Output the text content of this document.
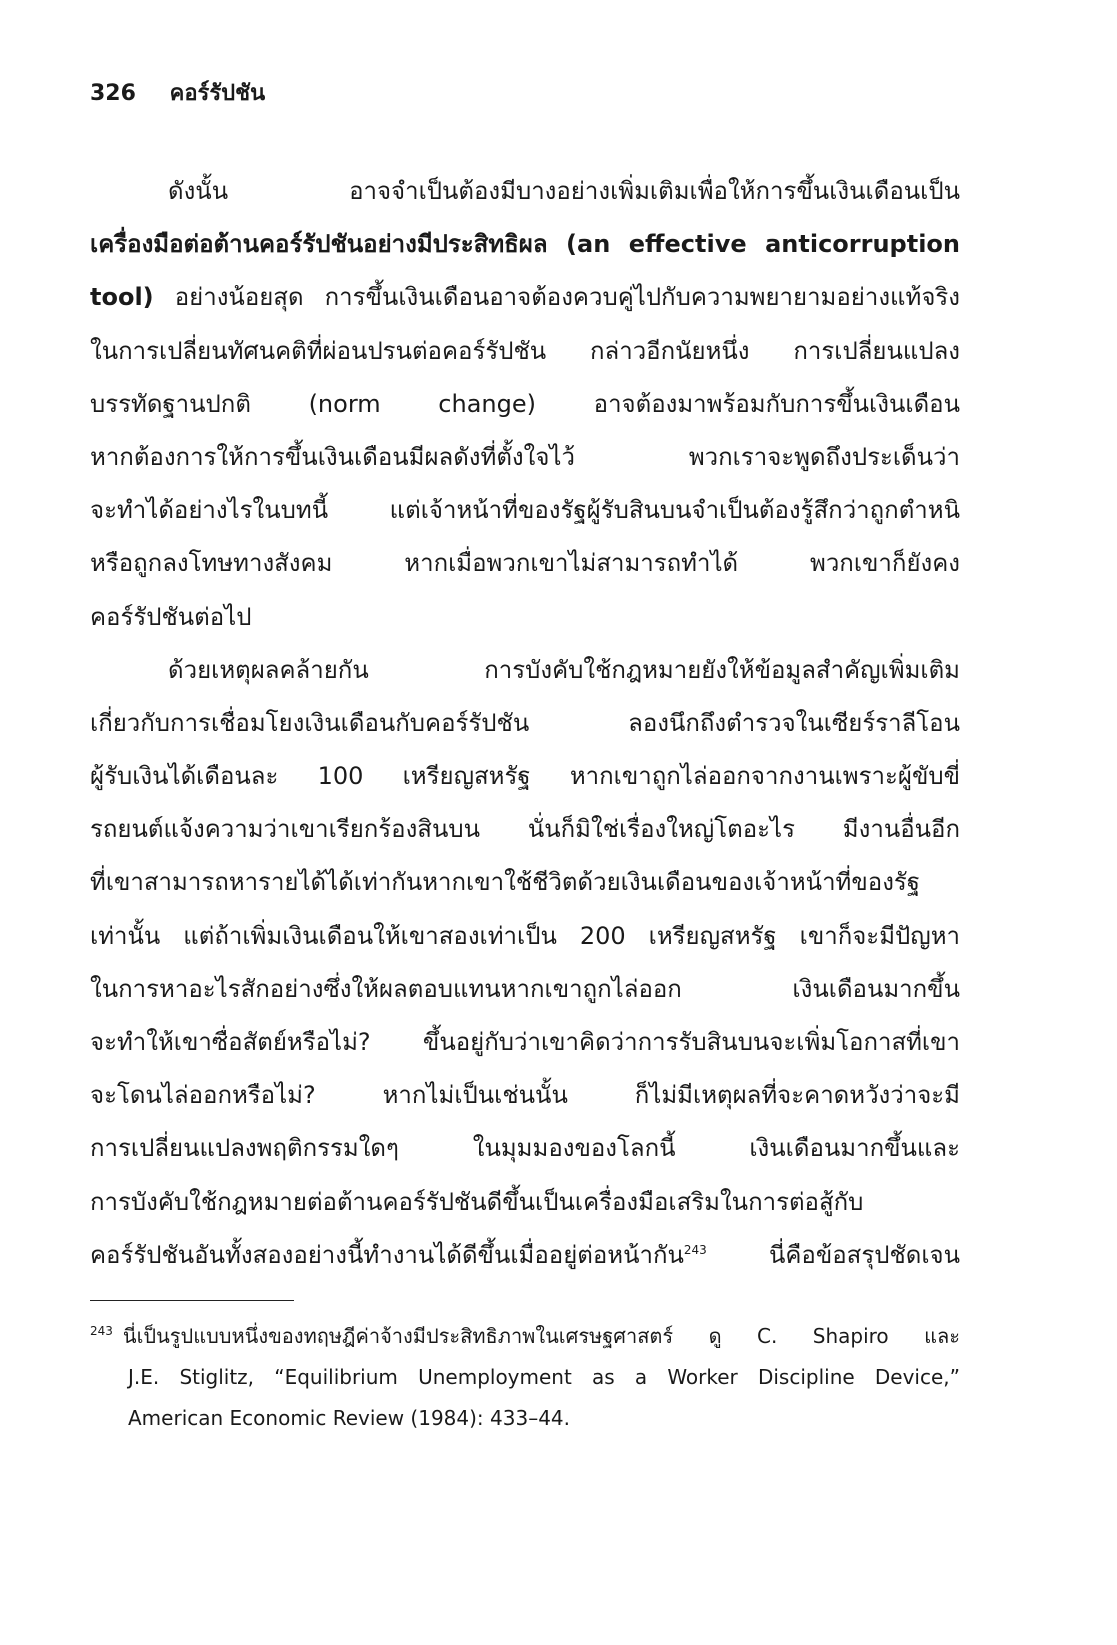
326 คอร์รัปชัน
ดังนั้น อาจจำเป็นต้องมีบางอย่างเพิ่มเติมเพื่อให้การขึ้นเงินเดือนเป็น
เครื่องมือต่อต้านคอร์รัปชันอย่างมีประสิทธิผล (an effective anticorruption
tool) อย่างน้อยสุด การขึ้นเงินเดือนอาจต้องควบคู่ไปกับความพยายามอย่างแท้จริง
ในการเปลี่ยนทัศนคติที่ผ่อนปรนต่อคอร์รัปชัน กล่าวอีกนัยหนึ่ง การเปลี่ยนแปลง
บรรทัดฐานปกติ (norm change) อาจต้องมาพร้อมกับการขึ้นเงินเดือน
หากต้องการให้การขึ้นเงินเดือนมีผลดังที่ตั้งใจไว้ พวกเราจะพูดถึงประเด็นว่า
จะทำได้อย่างไรในบทนี้ แต่เจ้าหน้าที่ของรัฐผู้รับสินบนจำเป็นต้องรู้สึกว่าถูกตำหนิ
หรือถูกลงโทษทางสังคม หากเมื่อพวกเขาไม่สามารถทำได้ พวกเขาก็ยังคง
คอร์รัปชันต่อไป
ด้วยเหตุผลคล้ายกัน การบังคับใช้กฎหมายยังให้ข้อมูลสำคัญเพิ่มเติม
เกี่ยวกับการเชื่อมโยงเงินเดือนกับคอร์รัปชัน ลองนึกถึงตำรวจในเซียร์ราลีโอน
ผู้รับเงินได้เดือนละ 100 เหรียญสหรัฐ หากเขาถูกไล่ออกจากงานเพราะผู้ขับขี่
รถยนต์แจ้งความว่าเขาเรียกร้องสินบน นั่นก็มิใช่เรื่องใหญ่โตอะไร มีงานอื่นอีก
ที่เขาสามารถหารายได้ได้เท่ากันหากเขาใช้ชีวิตด้วยเงินเดือนของเจ้าหน้าที่ของรัฐ
เท่านั้น แต่ถ้าเพิ่มเงินเดือนให้เขาสองเท่าเป็น 200 เหรียญสหรัฐ เขาก็จะมีปัญหา
ในการหาอะไรสักอย่างซึ่งให้ผลตอบแทนหากเขาถูกไล่ออก เงินเดือนมากขึ้น
จะทำให้เขาซื่อสัตย์หรือไม่? ขึ้นอยู่กับว่าเขาคิดว่าการรับสินบนจะเพิ่มโอกาสที่เขา
จะโดนไล่ออกหรือไม่? หากไม่เป็นเช่นนั้น ก็ไม่มีเหตุผลที่จะคาดหวังว่าจะมี
การเปลี่ยนแปลงพฤติกรรมใดๆ ในมุมมองของโลกนี้ เงินเดือนมากขึ้นและ
การบังคับใช้กฎหมายต่อต้านคอร์รัปชันดีขึ้นเป็นเครื่องมือเสริมในการต่อสู้กับ
คอร์รัปชันอันทั้งสองอย่างนี้ทำงานได้ดีขึ้นเมื่ออยู่ต่อหน้ากัน$^{243}$ นี่คือข้อสรุปชัดเจน
$^{243}$ นี่เป็นรูปแบบหนึ่งของทฤษฎีค่าจ้างมีประสิทธิภาพในเศรษฐศาสตร์ ดู C. Shapiro และ
J.E. Stiglitz, “Equilibrium Unemployment as a Worker Discipline Device,”
American Economic Review (1984): 433–44.
